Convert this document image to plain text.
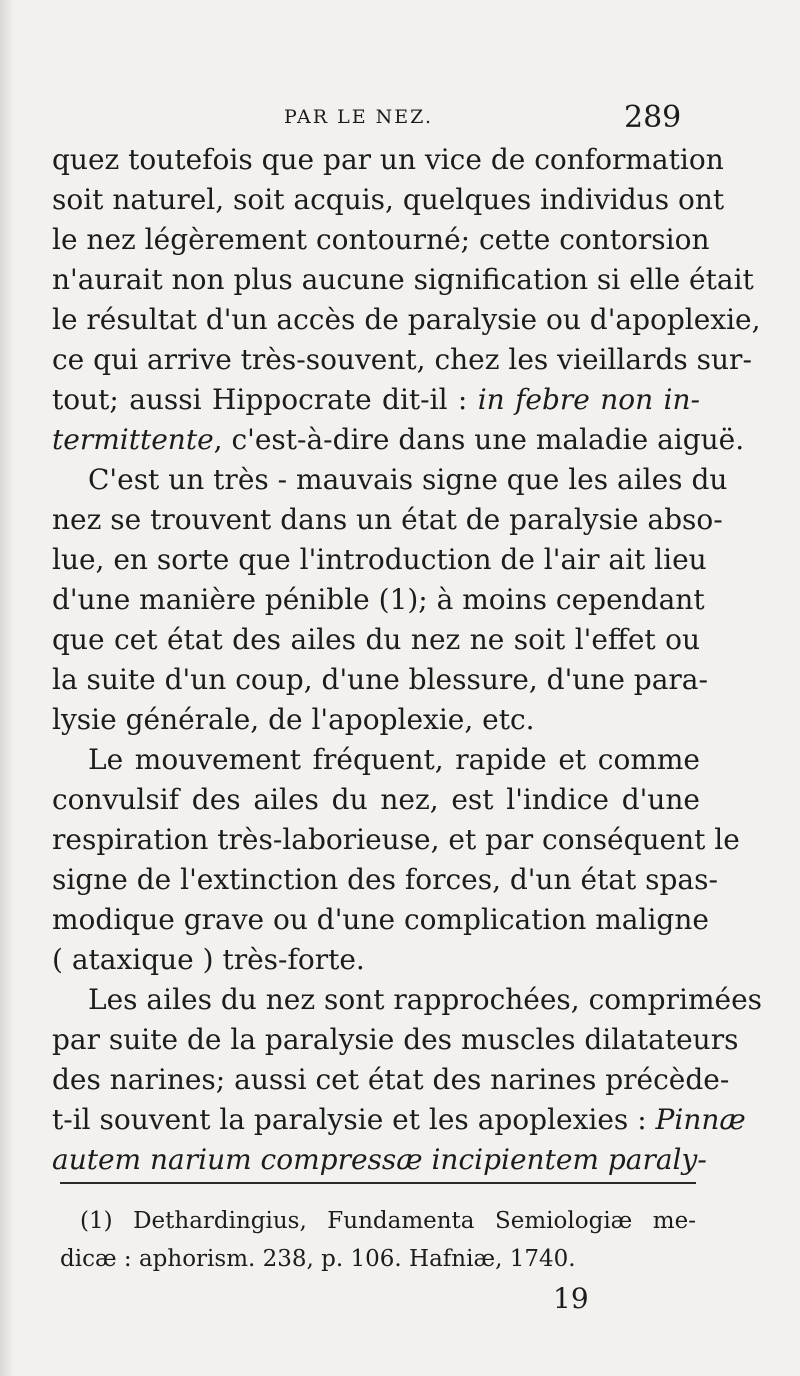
PAR LE NEZ.	289
quez toutefois que par un vice de conformation
soit naturel, soit acquis, quelques individus ont
le nez légèrement contourné; cette contorsion
n'aurait non plus aucune signification si elle était
le résultat d'un accès de paralysie ou d'apoplexie,
ce qui arrive très-souvent, chez les vieillards sur-
tout; aussi Hippocrate dit-il : in febre non in-
termittente, c'est-à-dire dans une maladie aiguë.
C'est un très - mauvais signe que les ailes du
nez se trouvent dans un état de paralysie abso-
lue, en sorte que l'introduction de l'air ait lieu
d'une manière pénible (1); à moins cependant
que cet état des ailes du nez ne soit l'effet ou
la suite d'un coup, d'une blessure, d'une para-
lysie générale, de l'apoplexie, etc.
Le mouvement fréquent, rapide et comme
convulsif des ailes du nez, est l'indice d'une
respiration très-laborieuse, et par conséquent le
signe de l'extinction des forces, d'un état spas-
modique grave ou d'une complication maligne
( ataxique ) très-forte.
Les ailes du nez sont rapprochées, comprimées
par suite de la paralysie des muscles dilatateurs
des narines; aussi cet état des narines précède-
t-il souvent la paralysie et les apoplexies : Pinnæ
autem narium compressæ incipientem paraly-
(1) Dethardingius, Fundamenta Semiologiæ me-
dicæ : aphorism. 238, p. 106. Hafniæ, 1740.
19
